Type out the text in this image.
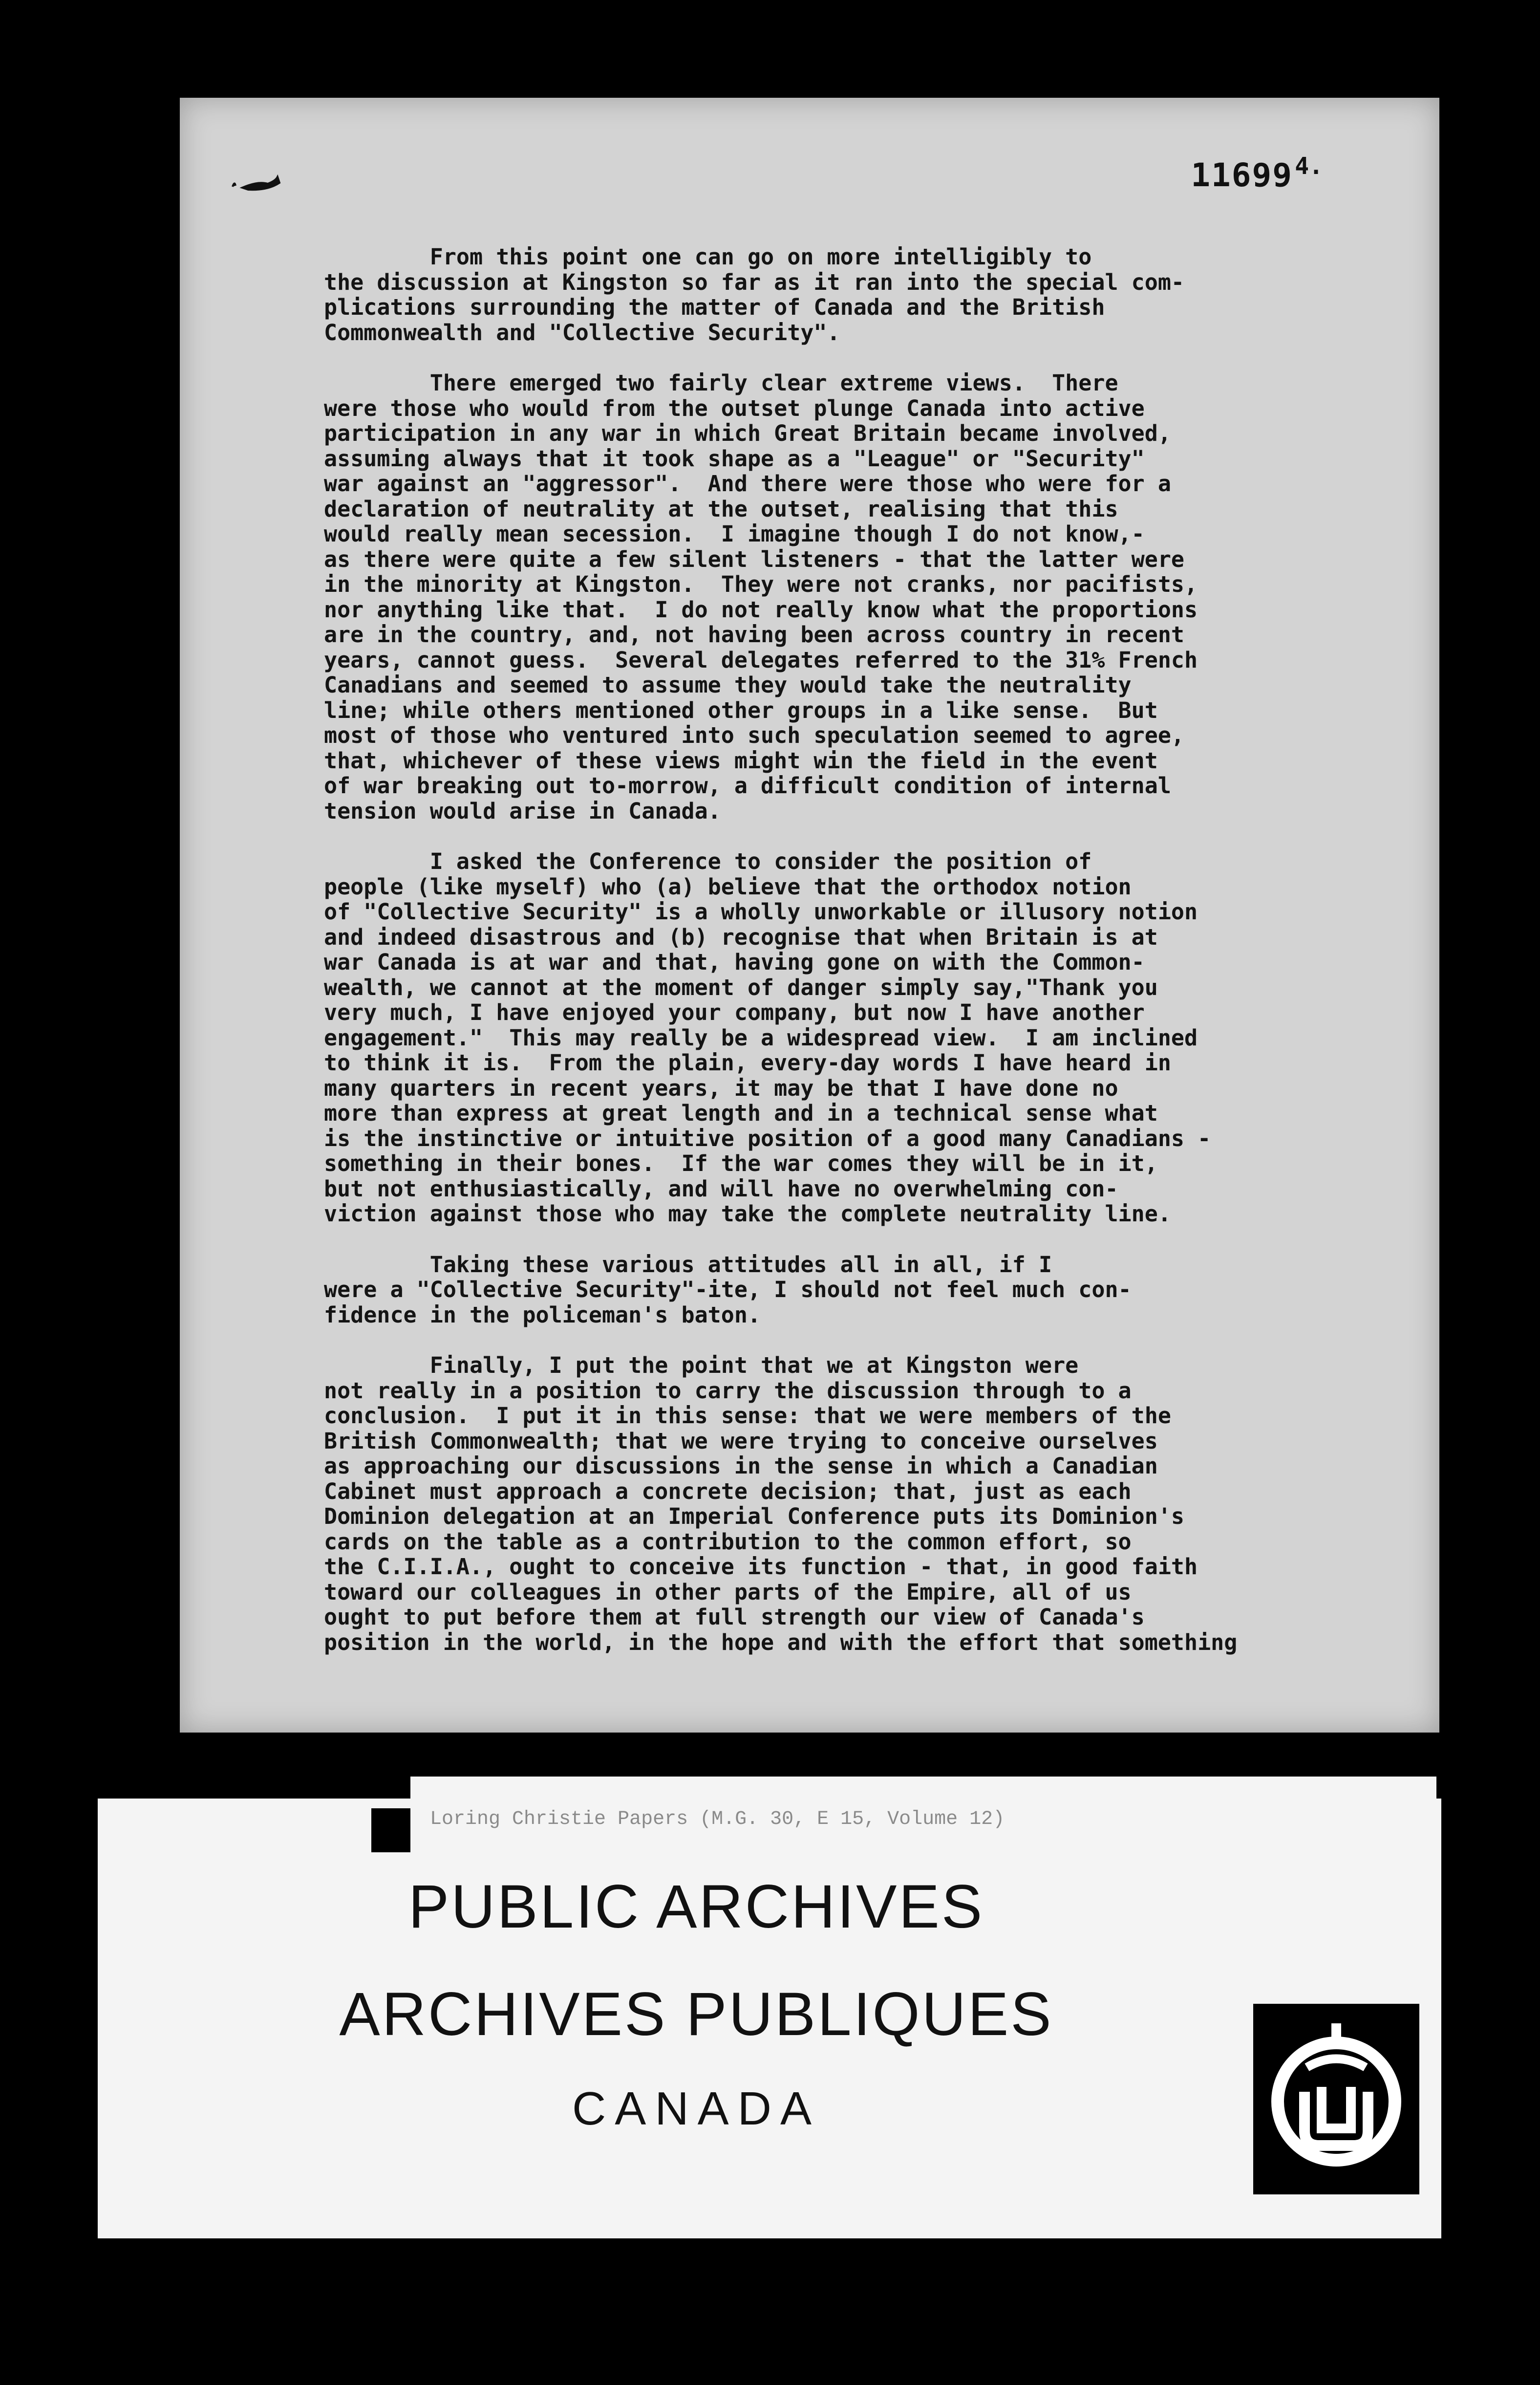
11699 4.
From this point one can go on more intelligibly to
the discussion at Kingston so far as it ran into the special com-
plications surrounding the matter of Canada and the British
Commonwealth and "Collective Security".
There emerged two fairly clear extreme views.  There
were those who would from the outset plunge Canada into active
participation in any war in which Great Britain became involved,
assuming always that it took shape as a "League" or "Security"
war against an "aggressor".  And there were those who were for a
declaration of neutrality at the outset, realising that this
would really mean secession.  I imagine though I do not know,-
as there were quite a few silent listeners - that the latter were
in the minority at Kingston.  They were not cranks, nor pacifists,
nor anything like that.  I do not really know what the proportions
are in the country, and, not having been across country in recent
years, cannot guess.  Several delegates referred to the 31% French
Canadians and seemed to assume they would take the neutrality
line; while others mentioned other groups in a like sense.  But
most of those who ventured into such speculation seemed to agree,
that, whichever of these views might win the field in the event
of war breaking out to-morrow, a difficult condition of internal
tension would arise in Canada.
I asked the Conference to consider the position of
people (like myself) who (a) believe that the orthodox notion
of "Collective Security" is a wholly unworkable or illusory notion
and indeed disastrous and (b) recognise that when Britain is at
war Canada is at war and that, having gone on with the Common-
wealth, we cannot at the moment of danger simply say,"Thank you
very much, I have enjoyed your company, but now I have another
engagement."  This may really be a widespread view.  I am inclined
to think it is.  From the plain, every-day words I have heard in
many quarters in recent years, it may be that I have done no
more than express at great length and in a technical sense what
is the instinctive or intuitive position of a good many Canadians -
something in their bones.  If the war comes they will be in it,
but not enthusiastically, and will have no overwhelming con-
viction against those who may take the complete neutrality line.
Taking these various attitudes all in all, if I
were a "Collective Security"-ite, I should not feel much con-
fidence in the policeman's baton.
Finally, I put the point that we at Kingston were
not really in a position to carry the discussion through to a
conclusion.  I put it in this sense: that we were members of the
British Commonwealth; that we were trying to conceive ourselves
as approaching our discussions in the sense in which a Canadian
Cabinet must approach a concrete decision; that, just as each
Dominion delegation at an Imperial Conference puts its Dominion's
cards on the table as a contribution to the common effort, so
the C.I.I.A., ought to conceive its function - that, in good faith
toward our colleagues in other parts of the Empire, all of us
ought to put before them at full strength our view of Canada's
position in the world, in the hope and with the effort that something
Loring Christie Papers (M.G. 30, E 15, Volume 12)
PUBLIC ARCHIVES
ARCHIVES PUBLIQUES
CANADA
